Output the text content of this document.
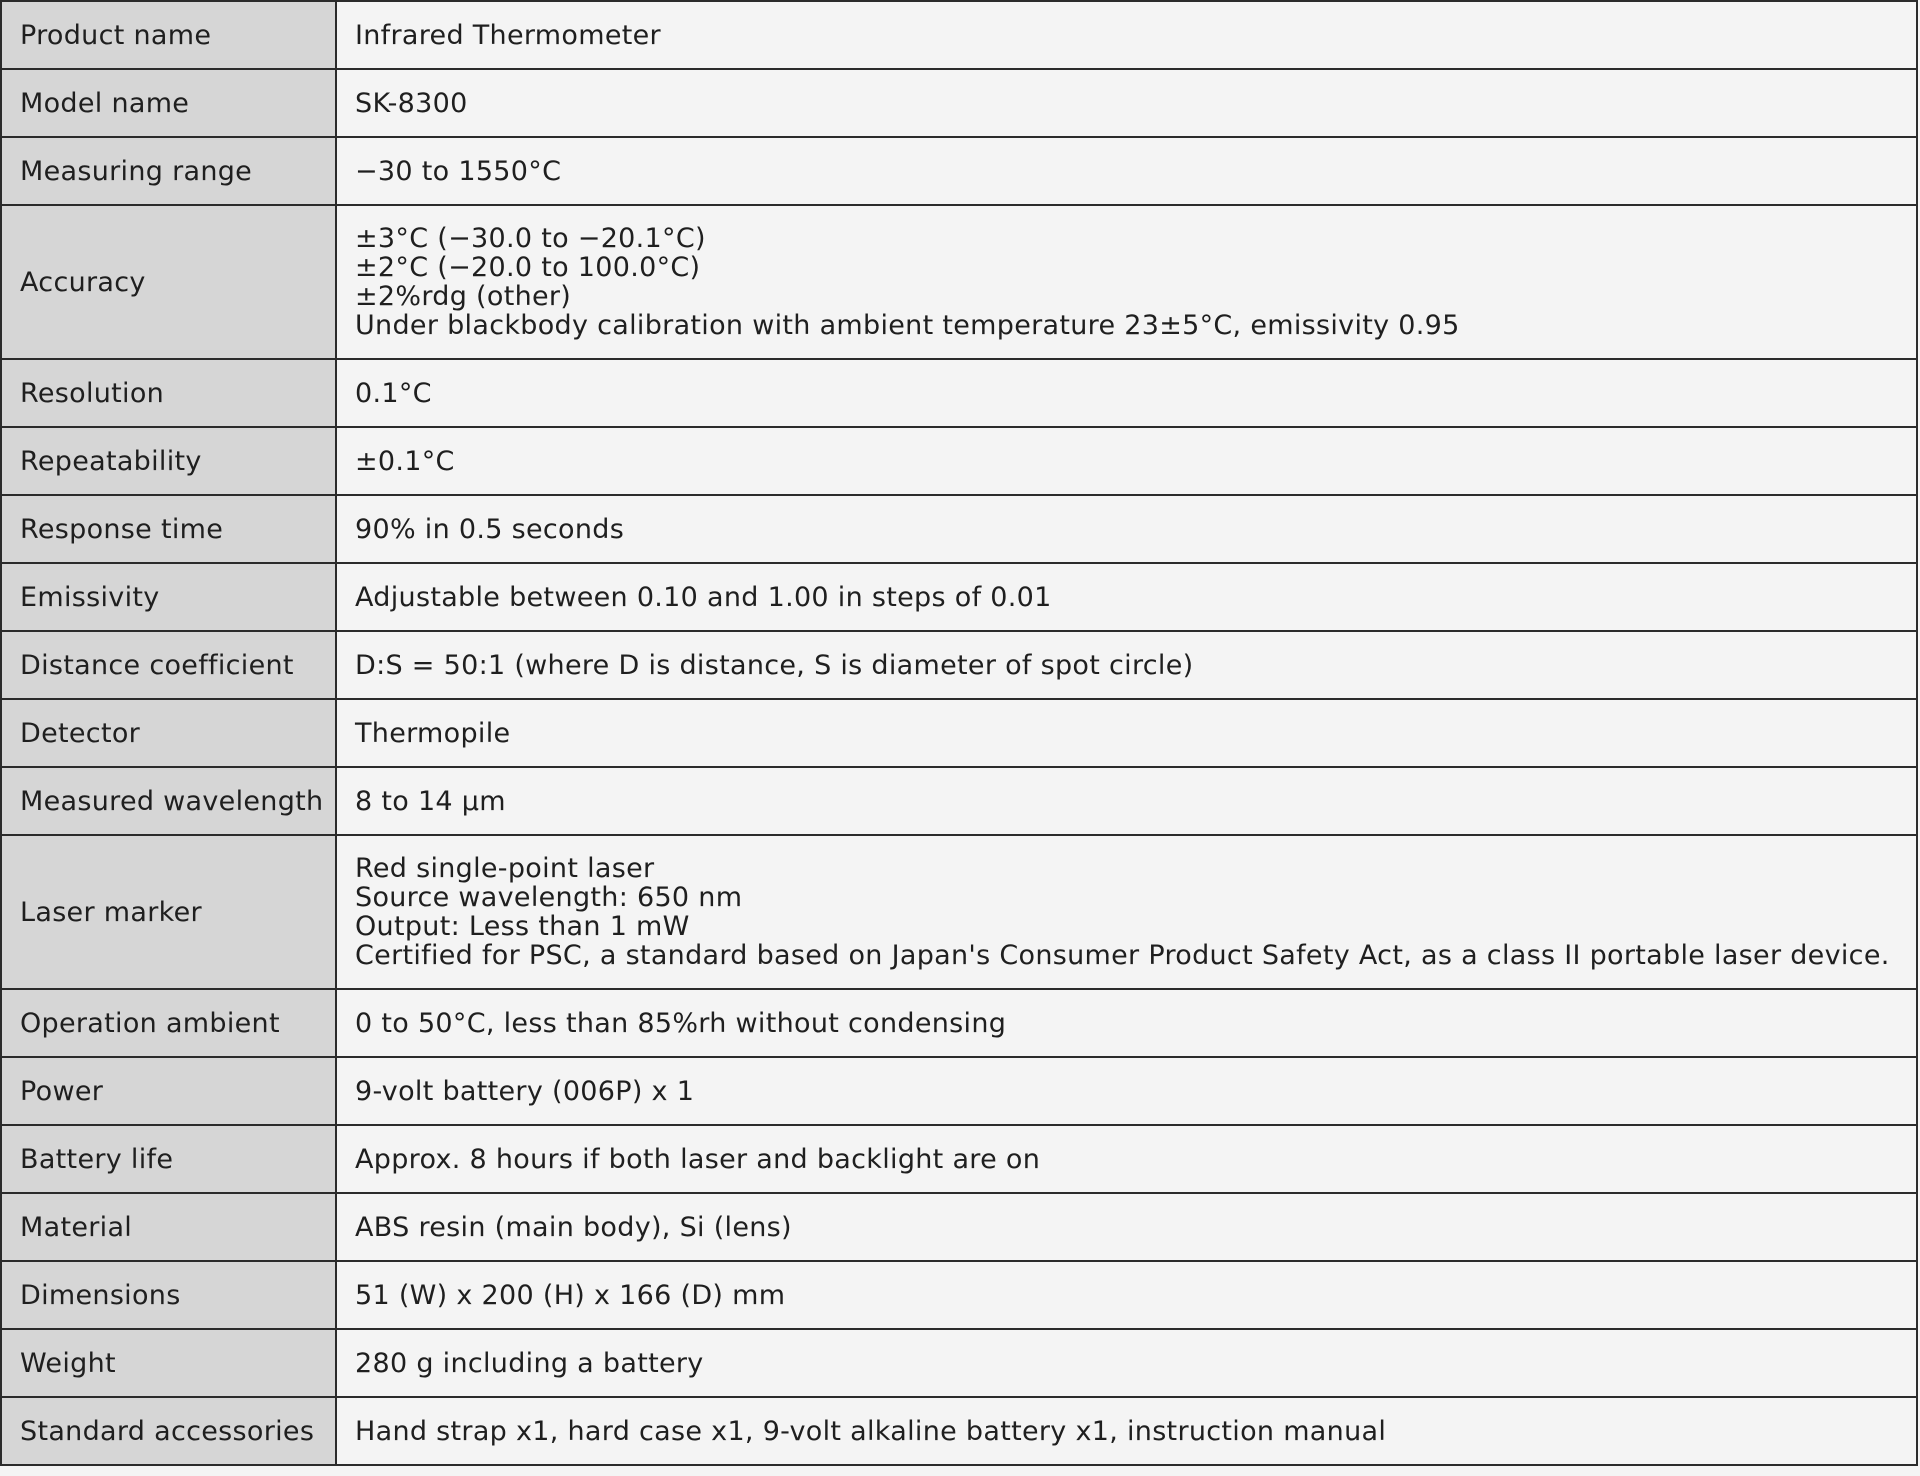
Product name	Infrared Thermometer

Model name	SK-8300

Measuring range	−30 to 1550°C

Accuracy	±3°C (−30.0 to −20.1°C)
±2°C (−20.0 to 100.0°C)
±2%rdg (other)
Under blackbody calibration with ambient temperature 23±5°C, emissivity 0.95

Resolution	0.1°C

Repeatability	±0.1°C

Response time	90% in 0.5 seconds

Emissivity	Adjustable between 0.10 and 1.00 in steps of 0.01

Distance coefficient	D:S = 50:1 (where D is distance, S is diameter of spot circle)

Detector	Thermopile

Measured wavelength	8 to 14 μm

Laser marker	Red single-point laser
Source wavelength: 650 nm
Output: Less than 1 mW
Certified for PSC, a standard based on Japan's Consumer Product Safety Act, as a class II portable laser device.

Operation ambient	0 to 50°C, less than 85%rh without condensing

Power	9-volt battery (006P) x 1

Battery life	Approx. 8 hours if both laser and backlight are on

Material	ABS resin (main body), Si (lens)

Dimensions	51 (W) x 200 (H) x 166 (D) mm

Weight	280 g including a battery

Standard accessories	Hand strap x1, hard case x1, 9-volt alkaline battery x1, instruction manual
